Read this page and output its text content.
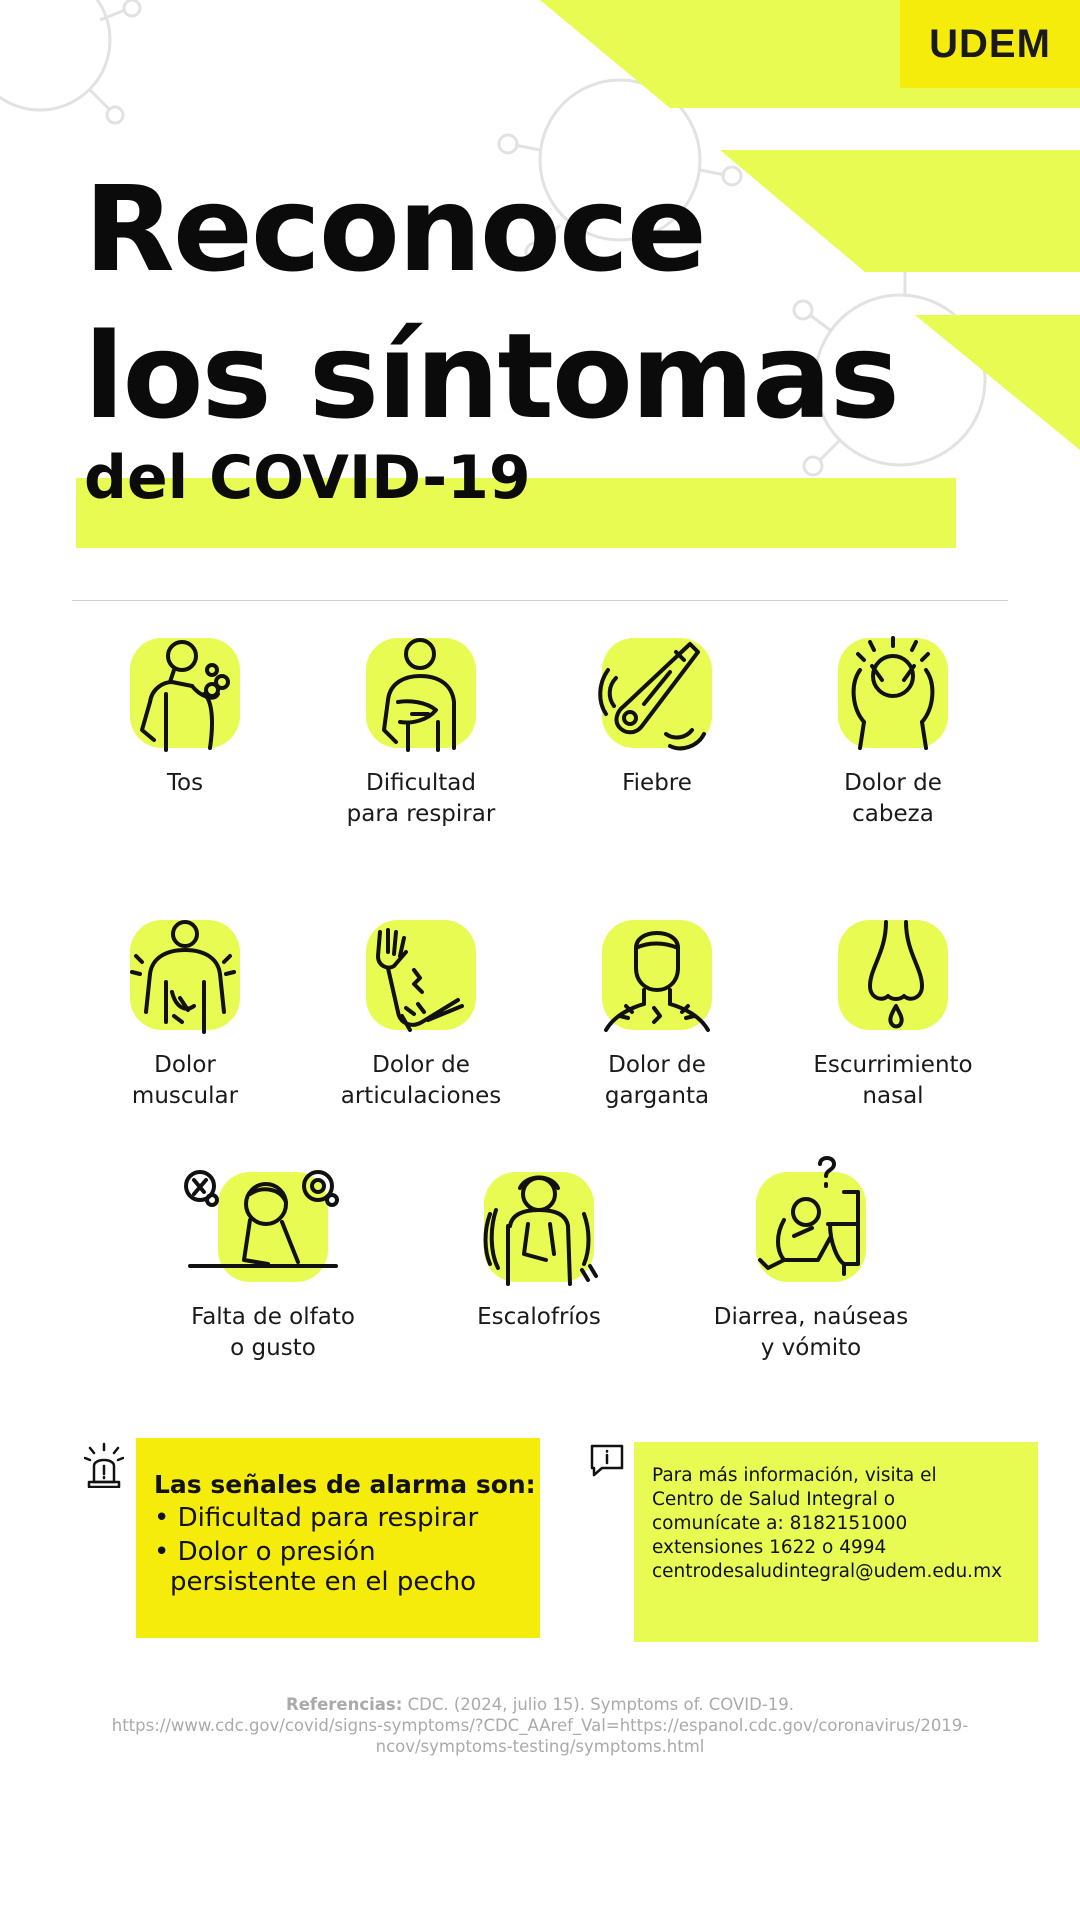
UDEM
Reconoce
los síntomas
del COVID-19
Tos	Dificultad
para respirar
Fiebre	Dolor de
cabeza
Dolor
muscular
Dolor de
articulaciones
Dolor de
garganta
Escurrimiento
nasal
Falta de olfato
o gusto
Escalofríos	Diarrea, naúseas
y vómito
Las señales de alarma son:
• Dificultad para respirar
• Dolor o presión
persistente en el pecho
Para más información, visita el
Centro de Salud Integral o
comunícate a: 8182151000
extensiones 1622 o 4994
centrodesaludintegral@udem.edu.mx
Referencias: CDC. (2024, julio 15). Symptoms of. COVID-19.
https://www.cdc.gov/covid/signs-symptoms/?CDC_AAref_Val=https://espanol.cdc.gov/coronavirus/2019-ncov/symptoms-testing/symptoms.html
